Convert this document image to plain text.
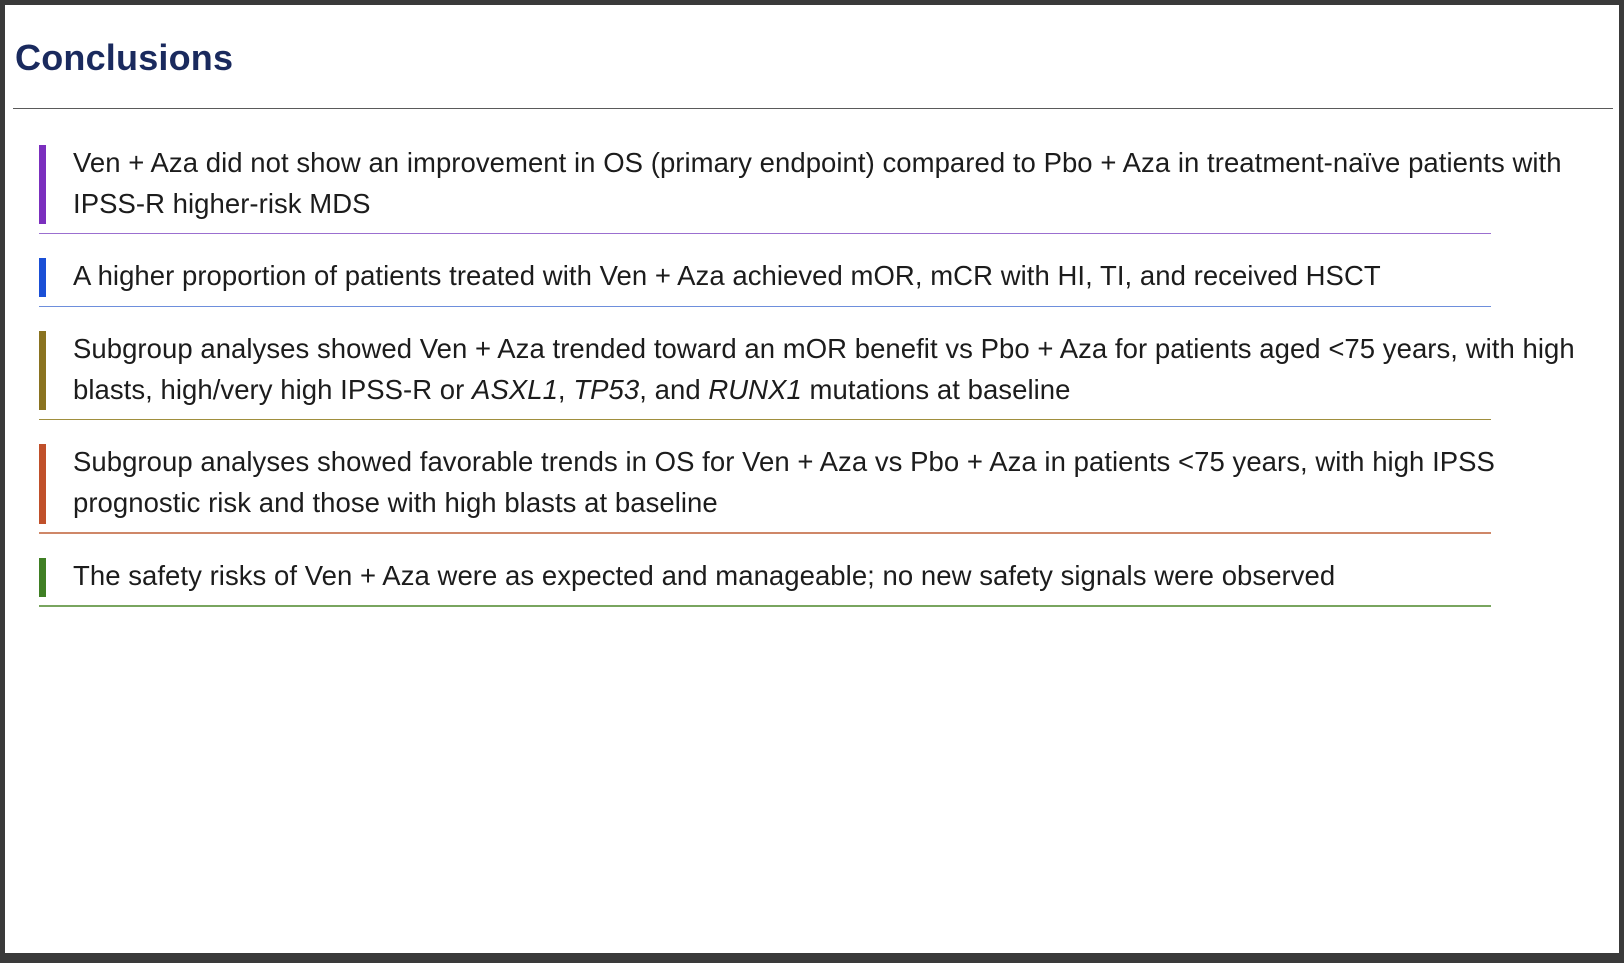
Conclusions
Ven + Aza did not show an improvement in OS (primary endpoint) compared to Pbo + Aza in treatment-naïve patients with IPSS-R higher-risk MDS
A higher proportion of patients treated with Ven + Aza achieved mOR, mCR with HI, TI, and received HSCT
Subgroup analyses showed Ven + Aza trended toward an mOR benefit vs Pbo + Aza for patients aged <75 years, with high blasts, high/very high IPSS-R or ASXL1, TP53, and RUNX1 mutations at baseline
Subgroup analyses showed favorable trends in OS for Ven + Aza vs Pbo + Aza in patients <75 years, with high IPSS prognostic risk and those with high blasts at baseline
The safety risks of Ven + Aza were as expected and manageable; no new safety signals were observed
